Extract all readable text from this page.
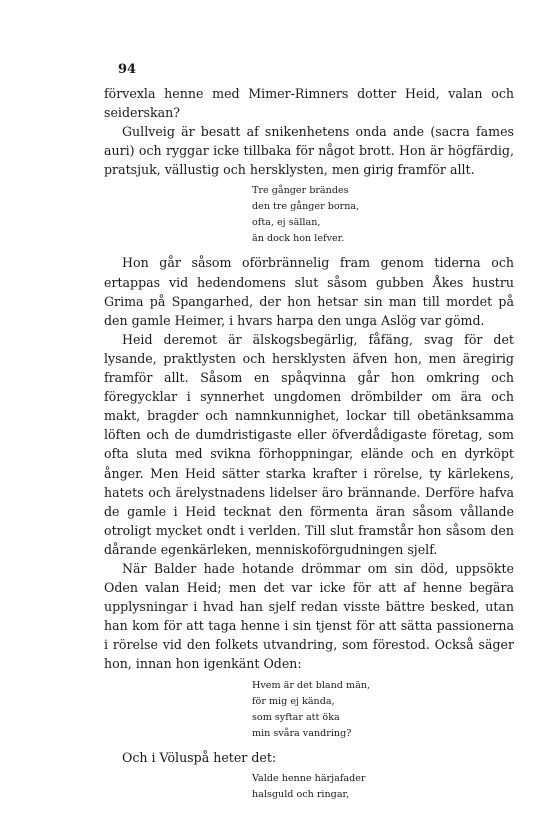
94

förvexla henne med Mimer-Rimners dotter Heid, valan och seiderskan?

Gullveig är besatt af snikenhetens onda ande (sacra fames auri) och ryggar icke tillbaka för något brott. Hon är högfärdig, pratsjuk, vällustig och hersklysten, men girig framför allt.

Tre gånger brändes
den tre gånger borna,
ofta, ej sällan,
än dock hon lefver.

Hon går såsom oförbrännelig fram genom tiderna och ertappas vid hedendomens slut såsom gubben Åkes hustru Grima på Spangarhed, der hon hetsar sin man till mordet på den gamle Heimer, i hvars harpa den unga Aslög var gömd.

Heid deremot är älskogsbegärlig, fåfäng, svag för det lysande, praktlysten och hersklysten äfven hon, men äregirig framför allt. Såsom en spåqvinna går hon omkring och föregycklar i synnerhet ungdomen drömbilder om ära och makt, bragder och namnkunnighet, lockar till obetänksamma löften och de dumdristigaste eller öfverdådigaste företag, som ofta sluta med svikna förhoppningar, elände och en dyrköpt ånger. Men Heid sätter starka krafter i rörelse, ty kärlekens, hatets och ärelystnadens lidelser äro brännande. Derföre hafva de gamle i Heid tecknat den förmenta äran såsom vållande otroligt mycket ondt i verlden. Till slut framstår hon såsom den dårande egenkärleken, menniskoförgudningen sjelf.

När Balder hade hotande drömmar om sin död, uppsökte Oden valan Heid; men det var icke för att af henne begära upplysningar i hvad han sjelf redan visste bättre besked, utan han kom för att taga henne i sin tjenst för att sätta passionerna i rörelse vid den folkets utvandring, som förestod. Också säger hon, innan hon igenkänt Oden:

Hvem är det bland män,
för mig ej kända,
som syftar att öka
min svåra vandring?

Och i Völuspå heter det:

Valde henne härjafader
halsguld och ringar,
